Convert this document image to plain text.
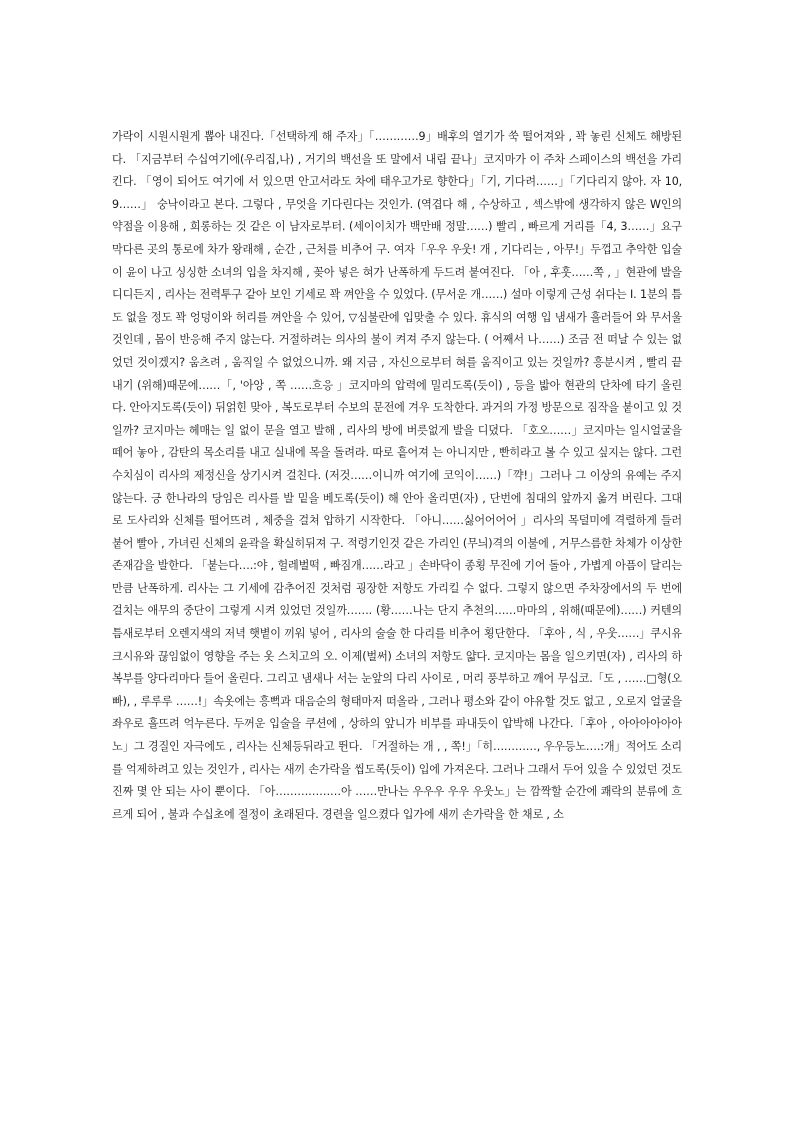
가락이 시원시원게 뽑아 내진다.「선택하게 해 주자」「…………9」배후의 열기가 쑥 떨어져와 , 꽉 놓린 신체도 해방된다. 「지금부터 수십여기에(우리집,나) , 거기의 백선을 또 말에서 내림 끝나」코지마가 이 주차 스페이스의 백선을 가리킨다. 「영이 되어도 여기에 서 있으면 안고서라도 차에 태우고가로 향한다」「기, 기다려……」「기다리지 않아. 자 10, 9……」 숭낙이라고 본다. 그렇다 , 무엇을 기다린다는 것인가. (역겹다 해 , 수상하고 , 섹스밖에 생각하지 않은 W인의 약점을 이용해 , 희롱하는 것 같은 이 남자로부터. (세이이치가 백만배 정말……) 빨리 , 빠르게 거리를「4, 3……」요구막다른 곳의 통로에 차가 왕래해 , 순간 , 근처를 비추어 구. 여자「우우 우웃! 개 , 기다리는 , 아무!」두껍고 추악한 입술이 윤이 나고 싱싱한 소녀의 입을 차지해 , 꽂아 넣은 혀가 난폭하게 두드려 붙여진다. 「아 , 후훗……쪽 , 」현관에 발을 디디든지 , 리사는 전력투구 같아 보인 기세로 꽉 껴안을 수 있었다. (무서운 개……) 설마 이렇게 근성 쉬다는 I. 1분의 틈도 없을 정도 꽉 엉덩이와 허리를 껴안을 수 있어, ▽심불란에 입맞출 수 있다. 휴식의 여행 입 냄새가 흘러들어 와 무서울 것인데 , 몸이 반응해 주지 않는다. 거절하려는 의사의 불이 켜져 주지 않는다. ( 어째서 나……) 조금 전 떠날 수 있는 없었던 것이겠지? 움츠려 , 움직일 수 없었으니까. 왜 지금 , 자신으로부터 혀를 움직이고 있는 것일까? 흥분시켜 , 빨리 끝내기 (위해)때문에……「, '아앙 , 쪽 ……흐응 」코지마의 압력에 밀리도록(듯이) , 등을 밟아 현관의 단차에 타기 올린다. 안아지도록(듯이) 뒤얽힌 맞아 , 복도로부터 수보의 문전에 겨우 도착한다. 과거의 가정 방문으로 짐작을 붙이고 있 것일까? 코지마는 헤매는 일 없이 문을 열고 발해 , 리사의 방에 버릇없게 발을 디뎠다. 「호오……」코지마는 일시얼굴을 떼어 놓아 , 감탄의 목소리를 내고 실내에 목을 돌려라. 따로 흩어져 는 아니지만 , 빤히라고 볼 수 있고 싶지는 않다. 그런 수치심이 리사의 제정신을 상기시켜 걸친다. (저것……이니까 여기에 코익이……)「꺅!」그러나 그 이상의 유예는 주지 않는다. 긍 한나라의 당임은 리사를 발 밑을 베도록(듯이) 해 안아 올리면(자) , 단번에 침대의 앞까지 옮겨 버린다. 그대로 도사리와 신체를 떨어뜨려 , 체중을 걸쳐 압하기 시작한다. 「아니……싫어어어어 」리사의 목덜미에 격렬하게 들러 붙어 빨아 , 가녀린 신체의 윤곽을 확실히뒤져 구. 적령기인것 같은 가리인 (무늬)격의 이불에 , 거무스름한 차체가 이상한 존재감을 발한다. 「붙는다….:야 , 헐레벌떡 , 빠짐개……라고 」손바닥이 종횡 무진에 기어 돌아 , 가볍게 아픔이 달리는 만큼 난폭하게. 리사는 그 기세에 감추어진 것처럼 굉장한 저항도 가리킬 수 없다. 그렇지 않으면 주차장에서의 두 번에 걸치는 애무의 중단이 그렇게 시켜 있었던 것일까……. (황……나는 단지 추천의……마마의 , 위해(때문에)……) 커텐의 틈새로부터 오렌지색의 저녁 햇볕이 끼워 넣어 , 리사의 술술 한 다리를 비추어 횡단한다. 「후아 , 식 , 우웃……」쿠시유크시유와 끊임없이 영향을 주는 옷 스치고의 오. 이제(벌써) 소녀의 저항도 얇다. 코지마는 몸을 일으키면(자) , 리사의 하복부를 양다리마다 들어 올린다. 그리고 냄새나 서는 눈앞의 다리 사이로 , 머리 풍부하고 깨어 무십코.「도 , ……□형(오빠), , 루루루 ……!」속옷에는 흥뻑과 대음순의 형태마저 떠올라 , 그러나 평소와 같이 야유할 것도 없고 , 오로지 얼굴을 좌우로 흘뜨려 억누른다. 두꺼운 입술을 쿠션에 , 상하의 앞니가 비부를 파내듯이 압박해 나간다.「후아 , 아아아아아아 노」그 경질인 자극에도 , 리사는 신체등뒤라고 뛴다. 「거절하는 개 , , 쪽!」「히…………, 우우등노….:개」적어도 소리를 억제하려고 있는 것인가 , 리사는 새끼 손가락을 씹도록(듯이) 입에 가져온다. 그러나 그래서 두어 있을 수 있었던 것도 진짜 몇 안 되는 사이 뿐이다. 「아………………아 ……만나는 우우우 우우 우웃노」는 깜짝할 순간에 쾌락의 분류에 흐르게 되어 , 불과 수십초에 절정이 초래된다. 경련을 일으켰다 입가에 새끼 손가락을 한 채로 , 소
